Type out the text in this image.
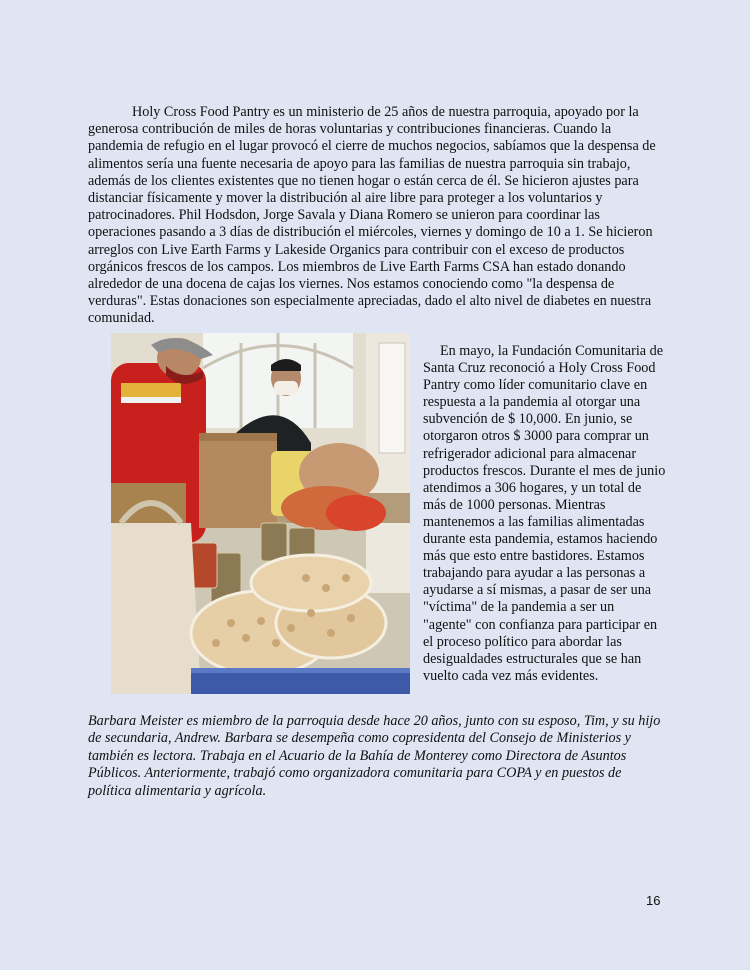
Holy Cross Food Pantry es un ministerio de 25 años de nuestra parroquia, apoyado por la generosa contribución de miles de horas voluntarias y contribuciones financieras. Cuando la pandemia de refugio en el lugar provocó el cierre de muchos negocios, sabíamos que la despensa de alimentos sería una fuente necesaria de apoyo para las familias de nuestra parroquia sin trabajo, además de los clientes existentes que no tienen hogar o están cerca de él. Se hicieron ajustes para distanciar físicamente y mover la distribución al aire libre para proteger a los voluntarios y patrocinadores. Phil Hodsdon, Jorge Savala y Diana Romero se unieron para coordinar las operaciones pasando a 3 días de distribución el miércoles, viernes y domingo de 10 a 1. Se hicieron arreglos con Live Earth Farms y Lakeside Organics para contribuir con el exceso de productos orgánicos frescos de los campos. Los miembros de Live Earth Farms CSA han estado donando alrededor de una docena de cajas los viernes. Nos estamos conociendo como "la despensa de verduras". Estas donaciones son especialmente apreciadas, dado el alto nivel de diabetes en nuestra comunidad.

En mayo, la Fundación Comunitaria de Santa Cruz reconoció a Holy Cross Food Pantry como líder comunitario clave en respuesta a la pandemia al otorgar una subvención de $ 10,000. En junio, se otorgaron otros $ 3000 para comprar un refrigerador adicional para almacenar productos frescos. Durante el mes de junio atendimos a 306 hogares, y un total de más de 1000 personas. Mientras mantenemos a las familias alimentadas durante esta pandemia, estamos haciendo más que esto entre bastidores. Estamos trabajando para ayudar a las personas a ayudarse a sí mismas, a pasar de ser una "víctima" de la pandemia a ser un "agente" con confianza para participar en el proceso político para abordar las desigualdades estructurales que se han vuelto cada vez más evidentes.

Barbara Meister es miembro de la parroquia desde hace 20 años, junto con su esposo, Tim, y su hijo de secundaria, Andrew. Barbara se desempeña como copresidenta del Consejo de Ministerios y también es lectora. Trabaja en el Acuario de la Bahía de Monterey como Directora de Asuntos Públicos. Anteriormente, trabajó como organizadora comunitaria para COPA y en puestos de política alimentaria y agrícola.

16
